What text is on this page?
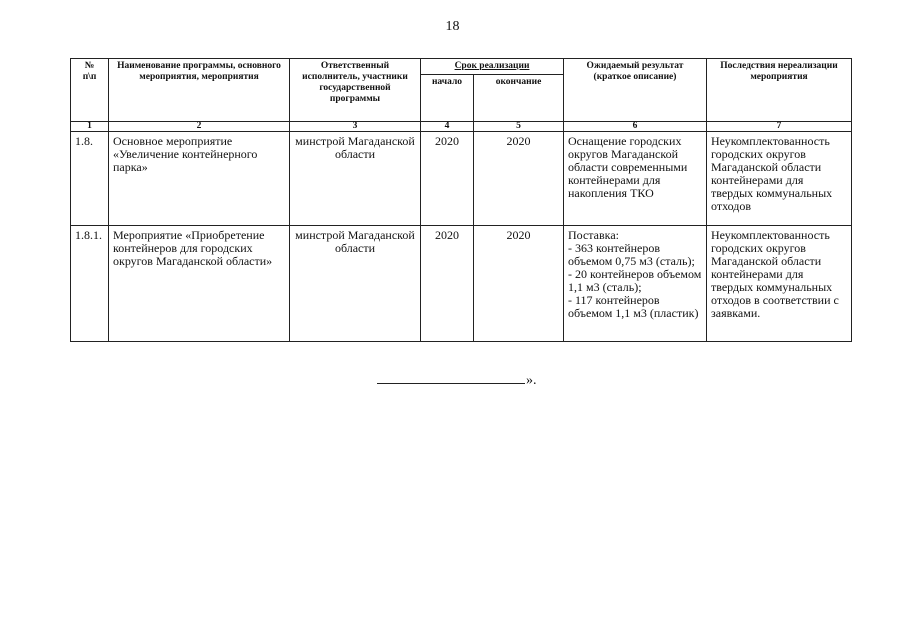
18
№
п\п	Наименование программы, основного мероприятия, мероприятия	Ответственный исполнитель, участники государственной программы	Срок реализации		Ожидаемый результат (краткое описание)	Последствия нереализации мероприятия
			начало	окончание		
1	2	3	4	5	6	7
1.8.	Основное мероприятие «Увеличение контейнерного парка»	минстрой Магаданской области	2020	2020	Оснащение городских округов Магаданской области современными контейнерами для накопления ТКО	Неукомплектованность городских округов Магаданской области контейнерами для твердых коммунальных отходов
1.8.1.	Мероприятие «Приобретение контейнеров для городских округов Магаданской области»	минстрой Магаданской области	2020	2020	Поставка:
- 363 контейнеров объемом 0,75 м3 (сталь);
- 20 контейнеров объемом 1,1 м3 (сталь);
- 117 контейнеров объемом 1,1 м3 (пластик)	Неукомплектованность городских округов Магаданской области контейнерами для твердых коммунальных отходов в соответствии с заявками.
».
